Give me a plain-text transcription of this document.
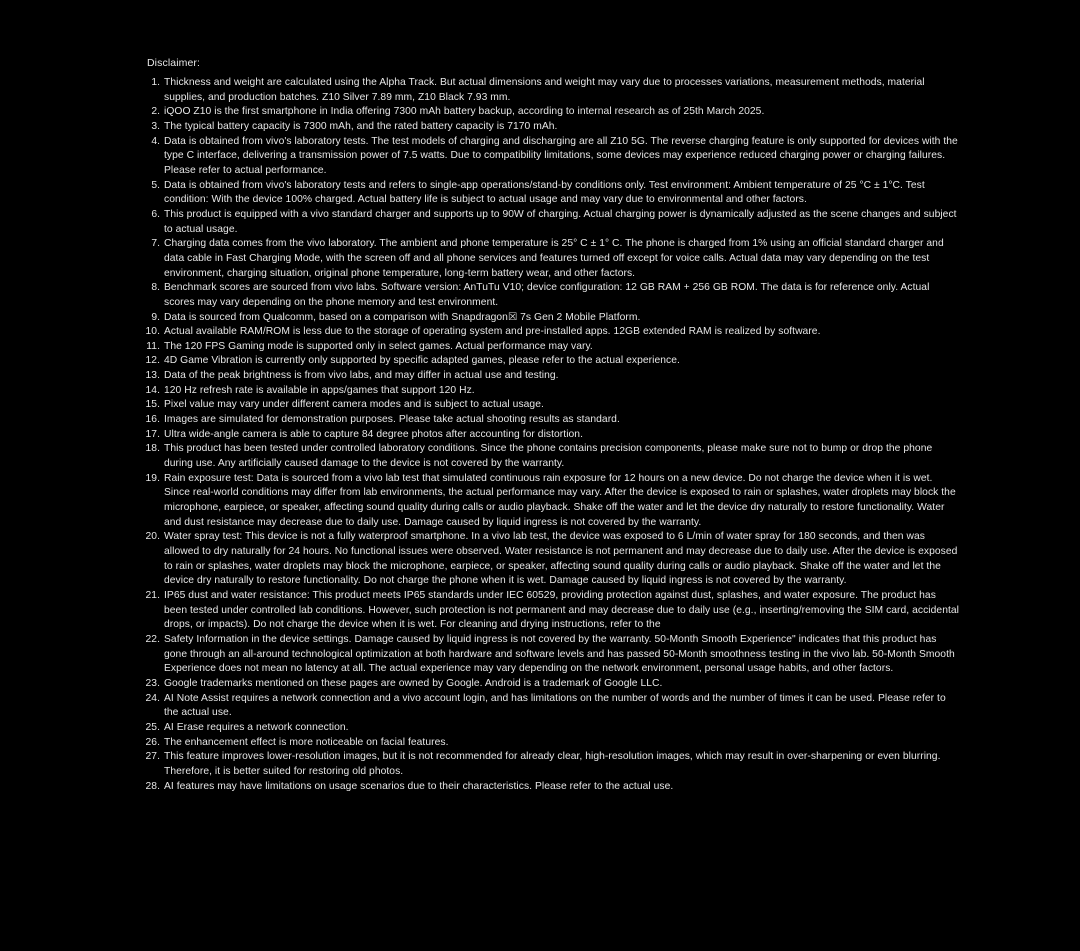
Disclaimer:

1. Thickness and weight are calculated using the Alpha Track. But actual dimensions and weight may vary due to processes variations, measurement methods, material supplies, and production batches. Z10 Silver 7.89 mm, Z10 Black 7.93 mm.
2. iQOO Z10 is the first smartphone in India offering 7300 mAh battery backup, according to internal research as of 25th March 2025.
3. The typical battery capacity is 7300 mAh, and the rated battery capacity is 7170 mAh.
4. Data is obtained from vivo's laboratory tests. The test models of charging and discharging are all Z10 5G. The reverse charging feature is only supported for devices with the type C interface, delivering a transmission power of 7.5 watts. Due to compatibility limitations, some devices may experience reduced charging power or charging failures. Please refer to actual performance.
5. Data is obtained from vivo's laboratory tests and refers to single-app operations/stand-by conditions only. Test environment: Ambient temperature of 25 °C ± 1°C. Test condition: With the device 100% charged. Actual battery life is subject to actual usage and may vary due to environmental and other factors.
6. This product is equipped with a vivo standard charger and supports up to 90W of charging. Actual charging power is dynamically adjusted as the scene changes and subject to actual usage.
7. Charging data comes from the vivo laboratory. The ambient and phone temperature is 25° C ± 1° C. The phone is charged from 1% using an official standard charger and data cable in Fast Charging Mode, with the screen off and all phone services and features turned off except for voice calls. Actual data may vary depending on the test environment, charging situation, original phone temperature, long-term battery wear, and other factors.
8. Benchmark scores are sourced from vivo labs. Software version: AnTuTu V10; device configuration: 12 GB RAM + 256 GB ROM. The data is for reference only. Actual scores may vary depending on the phone memory and test environment.
9. Data is sourced from Qualcomm, based on a comparison with Snapdragon☒ 7s Gen 2 Mobile Platform.
10. Actual available RAM/ROM is less due to the storage of operating system and pre-installed apps. 12GB extended RAM is realized by software.
11. The 120 FPS Gaming mode is supported only in select games. Actual performance may vary.
12. 4D Game Vibration is currently only supported by specific adapted games, please refer to the actual experience.
13. Data of the peak brightness is from vivo labs, and may differ in actual use and testing.
14. 120 Hz refresh rate is available in apps/games that support 120 Hz.
15. Pixel value may vary under different camera modes and is subject to actual usage.
16. Images are simulated for demonstration purposes. Please take actual shooting results as standard.
17. Ultra wide-angle camera is able to capture 84 degree photos after accounting for distortion.
18. This product has been tested under controlled laboratory conditions. Since the phone contains precision components, please make sure not to bump or drop the phone during use. Any artificially caused damage to the device is not covered by the warranty.
19. Rain exposure test: Data is sourced from a vivo lab test that simulated continuous rain exposure for 12 hours on a new device. Do not charge the device when it is wet. Since real-world conditions may differ from lab environments, the actual performance may vary. After the device is exposed to rain or splashes, water droplets may block the microphone, earpiece, or speaker, affecting sound quality during calls or audio playback. Shake off the water and let the device dry naturally to restore functionality. Water and dust resistance may decrease due to daily use. Damage caused by liquid ingress is not covered by the warranty.
20. Water spray test: This device is not a fully waterproof smartphone. In a vivo lab test, the device was exposed to 6 L/min of water spray for 180 seconds, and then was allowed to dry naturally for 24 hours. No functional issues were observed. Water resistance is not permanent and may decrease due to daily use. After the device is exposed to rain or splashes, water droplets may block the microphone, earpiece, or speaker, affecting sound quality during calls or audio playback. Shake off the water and let the device dry naturally to restore functionality. Do not charge the phone when it is wet. Damage caused by liquid ingress is not covered by the warranty.
21. IP65 dust and water resistance: This product meets IP65 standards under IEC 60529, providing protection against dust, splashes, and water exposure. The product has been tested under controlled lab conditions. However, such protection is not permanent and may decrease due to daily use (e.g., inserting/removing the SIM card, accidental drops, or impacts). Do not charge the device when it is wet. For cleaning and drying instructions, refer to the
22. Safety Information in the device settings. Damage caused by liquid ingress is not covered by the warranty. 50-Month Smooth Experience" indicates that this product has gone through an all-around technological optimization at both hardware and software levels and has passed 50-Month smoothness testing in the vivo lab. 50-Month Smooth Experience does not mean no latency at all. The actual experience may vary depending on the network environment, personal usage habits, and other factors.
23. Google trademarks mentioned on these pages are owned by Google. Android is a trademark of Google LLC.
24. AI Note Assist requires a network connection and a vivo account login, and has limitations on the number of words and the number of times it can be used. Please refer to the actual use.
25. AI Erase requires a network connection.
26. The enhancement effect is more noticeable on facial features.
27. This feature improves lower-resolution images, but it is not recommended for already clear, high-resolution images, which may result in over-sharpening or even blurring. Therefore, it is better suited for restoring old photos.
28. AI features may have limitations on usage scenarios due to their characteristics. Please refer to the actual use.
